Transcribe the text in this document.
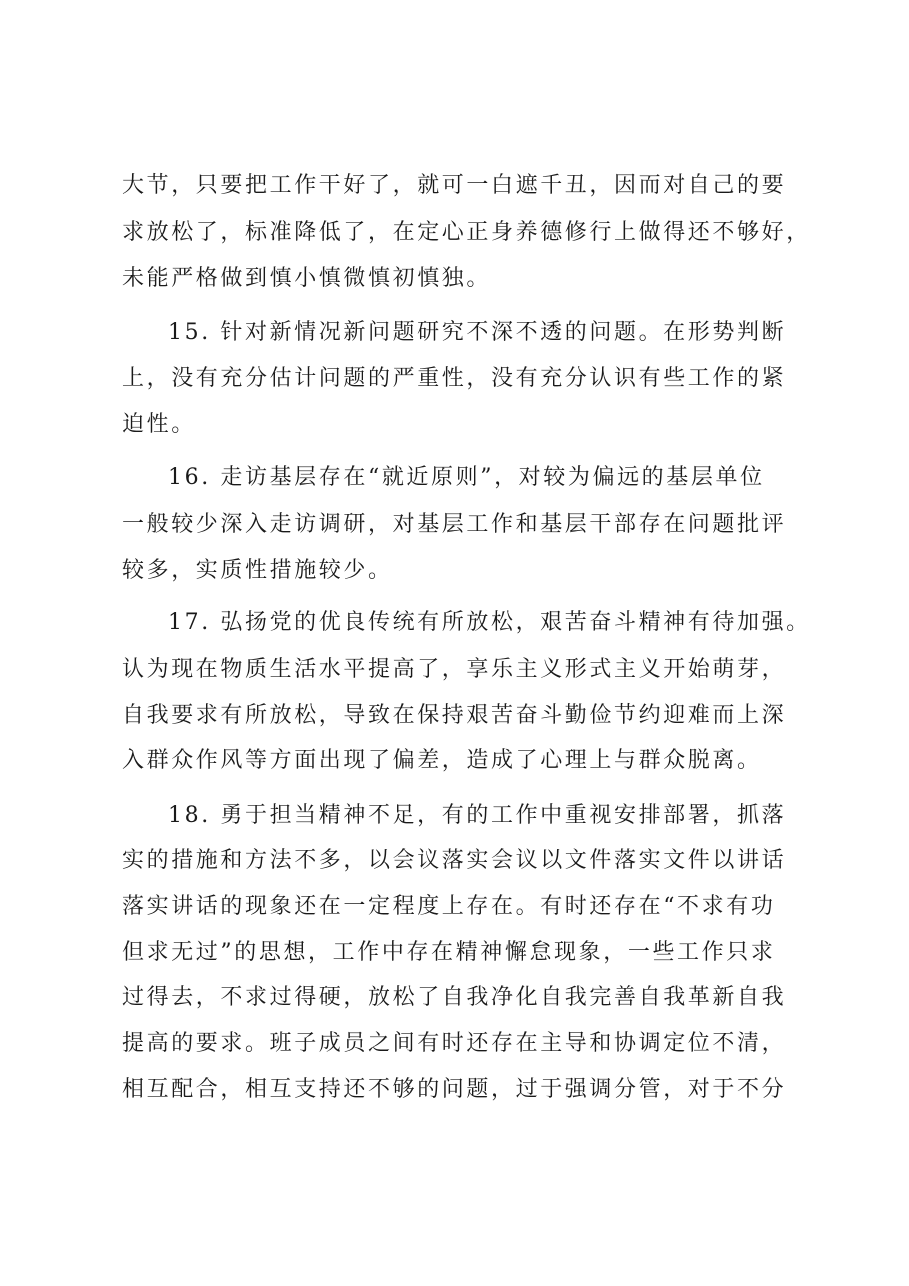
大节，只要把工作干好了，就可一白遮千丑，因而对自己的要
求放松了，标准降低了，在定心正身养德修行上做得还不够好，
未能严格做到慎小慎微慎初慎独。
15. 针对新情况新问题研究不深不透的问题。在形势判断
上，没有充分估计问题的严重性，没有充分认识有些工作的紧
迫性。
16. 走访基层存在“就近原则”，对较为偏远的基层单位
一般较少深入走访调研，对基层工作和基层干部存在问题批评
较多，实质性措施较少。
17. 弘扬党的优良传统有所放松，艰苦奋斗精神有待加强。
认为现在物质生活水平提高了，享乐主义形式主义开始萌芽，
自我要求有所放松，导致在保持艰苦奋斗勤俭节约迎难而上深
入群众作风等方面出现了偏差，造成了心理上与群众脱离。
18. 勇于担当精神不足，有的工作中重视安排部署，抓落
实的措施和方法不多，以会议落实会议以文件落实文件以讲话
落实讲话的现象还在一定程度上存在。有时还存在“不求有功
但求无过”的思想，工作中存在精神懈怠现象，一些工作只求
过得去，不求过得硬，放松了自我净化自我完善自我革新自我
提高的要求。班子成员之间有时还存在主导和协调定位不清，
相互配合，相互支持还不够的问题，过于强调分管，对于不分
